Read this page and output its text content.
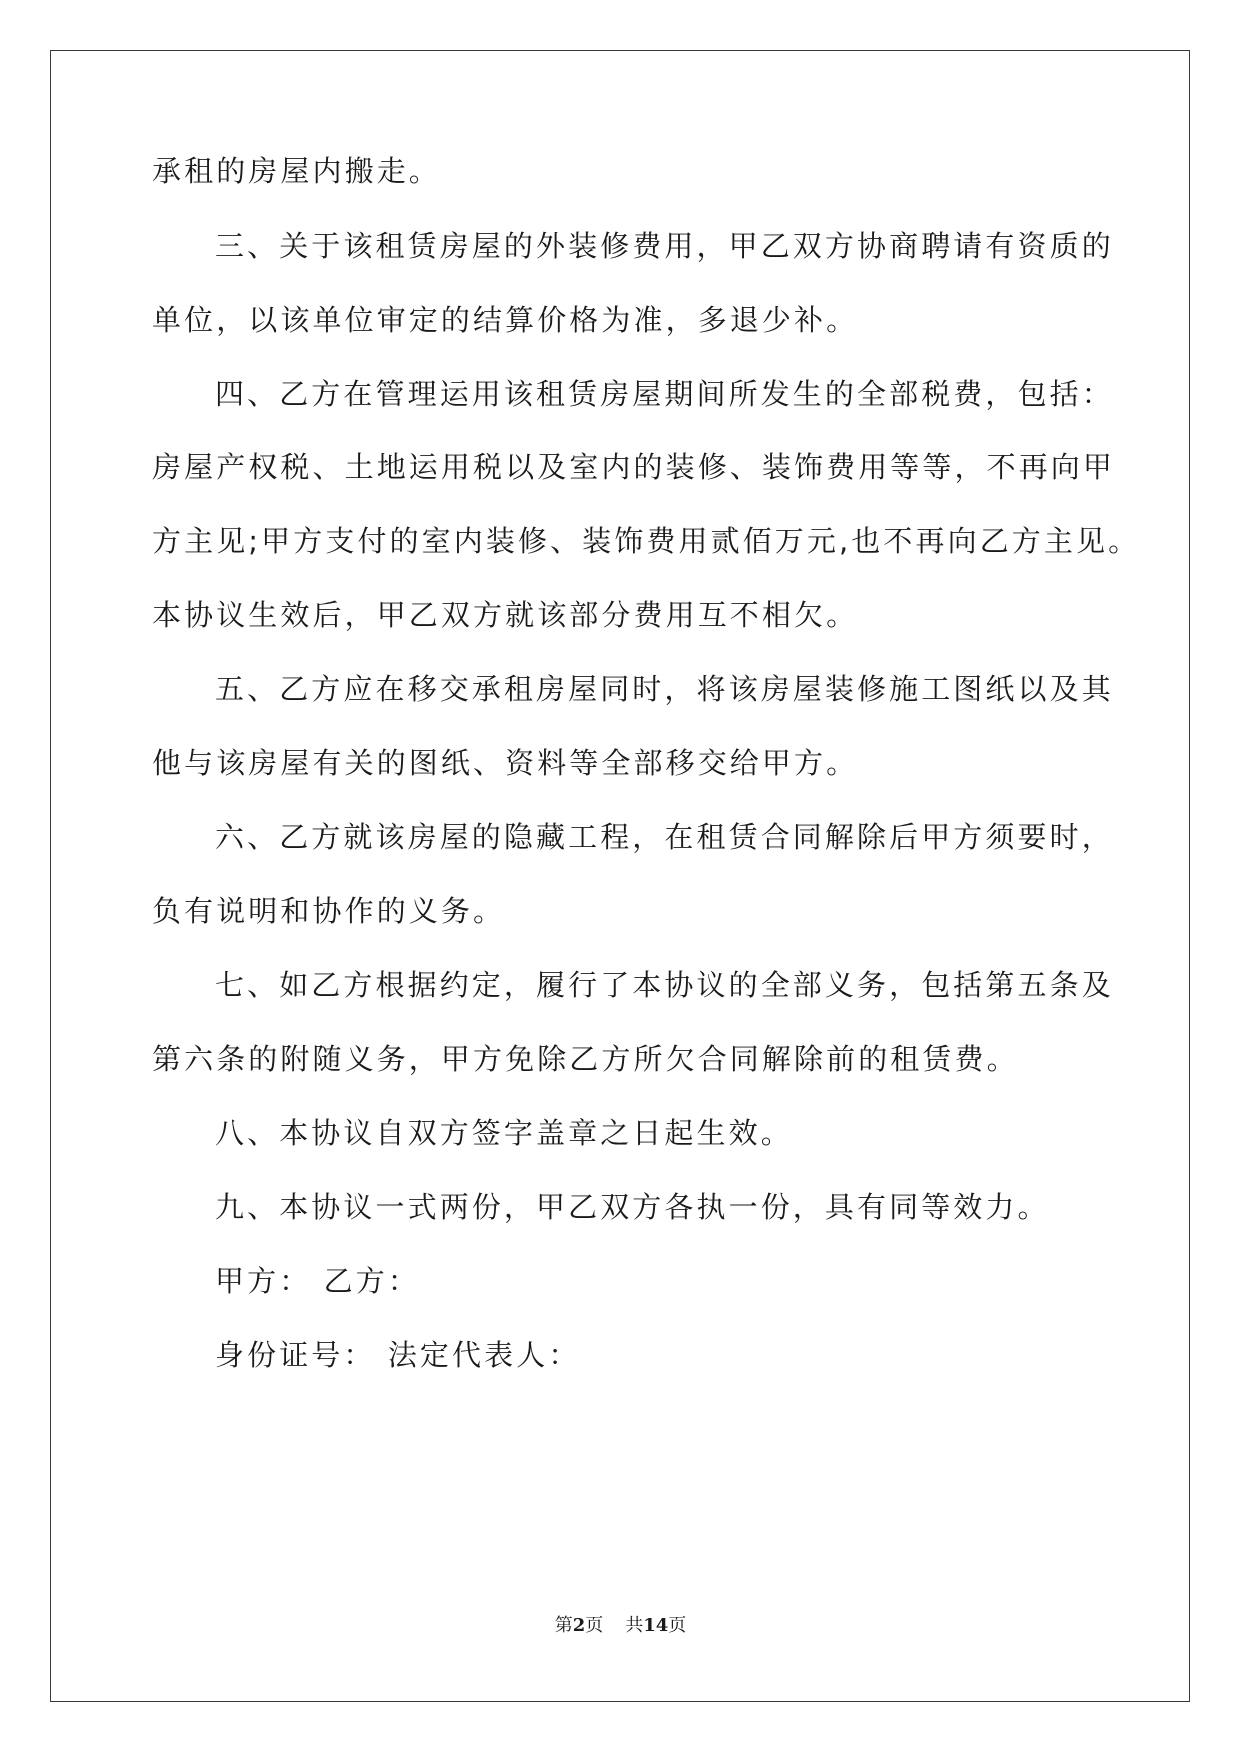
承租的房屋内搬走。
三、关于该租赁房屋的外装修费用，甲乙双方协商聘请有资质的
单位，以该单位审定的结算价格为准，多退少补。
四、乙方在管理运用该租赁房屋期间所发生的全部税费，包括：
房屋产权税、土地运用税以及室内的装修、装饰费用等等，不再向甲
方主见;甲方支付的室内装修、装饰费用贰佰万元,也不再向乙方主见。
本协议生效后，甲乙双方就该部分费用互不相欠。
五、乙方应在移交承租房屋同时，将该房屋装修施工图纸以及其
他与该房屋有关的图纸、资料等全部移交给甲方。
六、乙方就该房屋的隐藏工程，在租赁合同解除后甲方须要时，
负有说明和协作的义务。
七、如乙方根据约定，履行了本协议的全部义务，包括第五条及
第六条的附随义务，甲方免除乙方所欠合同解除前的租赁费。
八、本协议自双方签字盖章之日起生效。
九、本协议一式两份，甲乙双方各执一份，具有同等效力。
甲方： 乙方：
身份证号： 法定代表人：
第2页 共14页
